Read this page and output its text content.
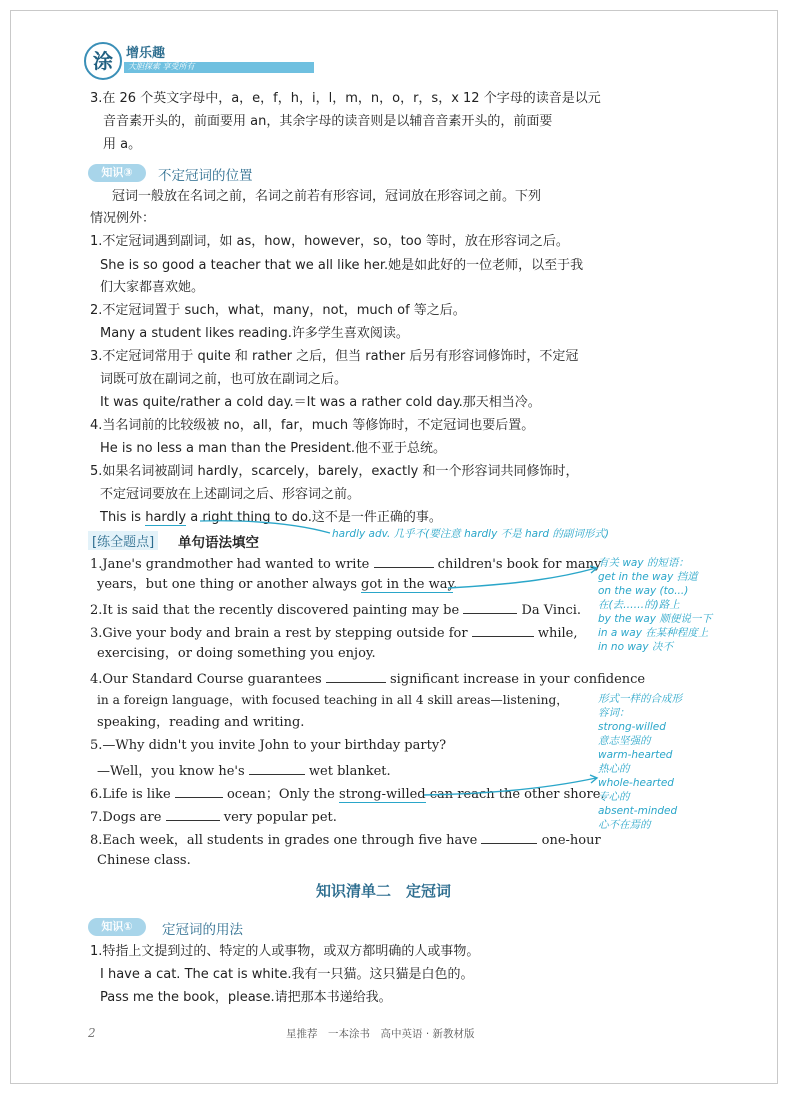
涂	增乐趣
大胆探索 享受所有
3.在 26 个英文字母中，a，e，f，h，i，l，m，n，o，r，s，x 12 个字母的读音是以元
音音素开头的，前面要用 an，其余字母的读音则是以辅音音素开头的，前面要
用 a。
知识③	不定冠词的位置
冠词一般放在名词之前，名词之前若有形容词，冠词放在形容词之前。下列
情况例外：
1.不定冠词遇到副词，如 as，how，however，so，too 等时，放在形容词之后。
She is so good a teacher that we all like her.她是如此好的一位老师，以至于我
们大家都喜欢她。
2.不定冠词置于 such，what，many，not，much of 等之后。
Many a student likes reading.许多学生喜欢阅读。
3.不定冠词常用于 quite 和 rather 之后，但当 rather 后另有形容词修饰时，不定冠
词既可放在副词之前，也可放在副词之后。
It was quite/rather a cold day.＝It was a rather cold day.那天相当冷。
4.当名词前的比较级被 no，all，far，much 等修饰时，不定冠词也要后置。
He is no less a man than the President.他不亚于总统。
5.如果名词被副词 hardly，scarcely，barely，exactly 和一个形容词共同修饰时，
不定冠词要放在上述副词之后、形容词之前。
This is hardly a right thing to do.这不是一件正确的事。
[练全题点] 单句语法填空
hardly adv. 几乎不(要注意 hardly 不是 hard 的副词形式)
1.Jane's grandmother had wanted to write	children's book for many
years，but one thing or another always got in the way.
2.It is said that the recently discovered painting may be	Da Vinci.
3.Give your body and brain a rest by stepping outside for	while,
exercising，or doing something you enjoy.
4.Our Standard Course guarantees	significant increase in your confidence
in a foreign language，with focused teaching in all 4 skill areas—listening，
speaking，reading and writing.
5.—Why didn't you invite John to your birthday party?
—Well，you know he's	wet blanket.
6.Life is like	ocean；Only the strong-willed can reach the other shore.
7.Dogs are	very popular pet.
8.Each week，all students in grades one through five have	one-hour
Chinese class.
有关 way 的短语：
get in the way 挡道
on the way (to...)
在(去……的)路上
by the way 顺便说一下
in a way 在某种程度上
in no way 决不
形式一样的合成形
容词：
strong-willed
意志坚强的
warm-hearted
热心的
whole-hearted
专心的
absent-minded
心不在焉的
知识清单二　定冠词
知识①	定冠词的用法
1.特指上文提到过的、特定的人或事物，或双方都明确的人或事物。
I have a cat. The cat is white.我有一只猫。这只猫是白色的。
Pass me the book，please.请把那本书递给我。
2	星推荐　一本涂书　高中英语 · 新教材版
